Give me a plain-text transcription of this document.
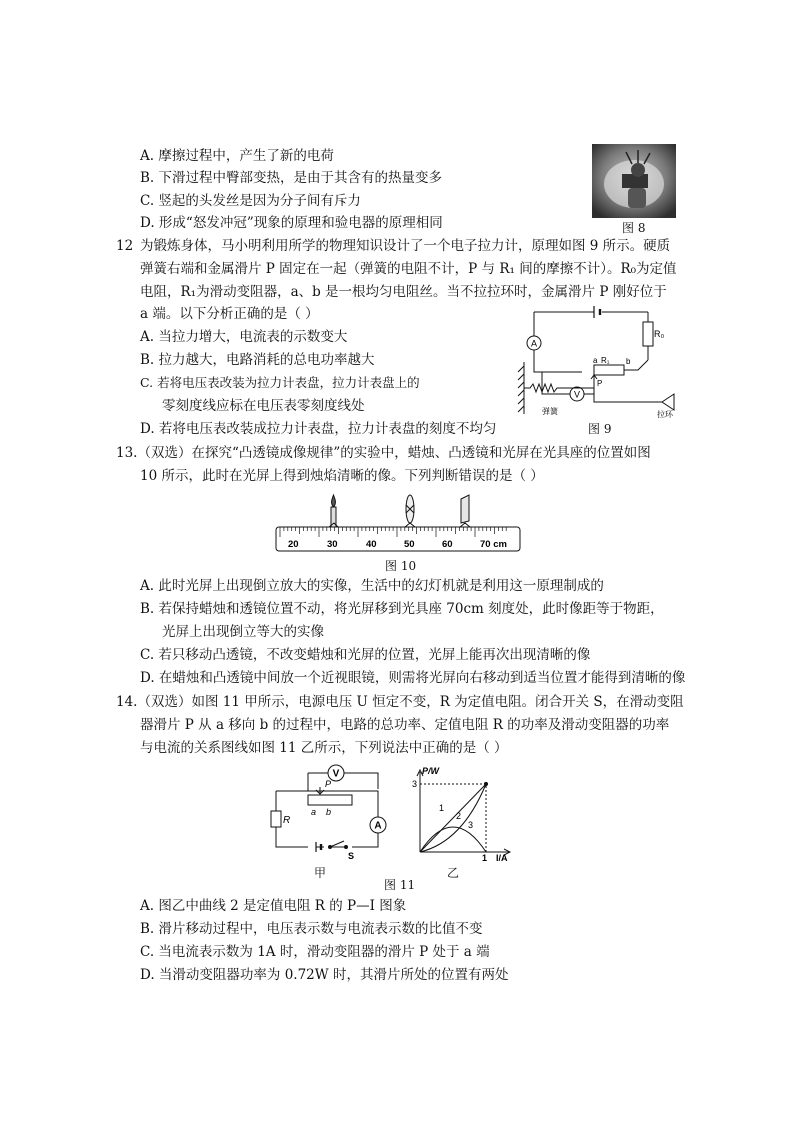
A. 摩擦过程中，产生了新的电荷
B. 下滑过程中臀部变热，是由于其含有的热量变多
C. 竖起的头发丝是因为分子间有斥力
D. 形成“怒发冲冠”现象的原理和验电器的原理相同	图 8
12 为锻炼身体，马小明利用所学的物理知识设计了一个电子拉力计，原理如图 9 所示。硬质
弹簧右端和金属滑片 P 固定在一起（弹簧的电阻不计，P 与 R₁ 间的摩擦不计）。R₀为定值
电阻，R₁为滑动变阻器，a、b 是一根均匀电阻丝。当不拉拉环时，金属滑片 P 刚好位于
a 端。以下分析正确的是（ ）
A. 当拉力增大，电流表的示数变大
B. 拉力越大，电路消耗的总电功率越大
C. 若将电压表改装为拉力计表盘，拉力计表盘上的
零刻度线应标在电压表零刻度线处
D. 若将电压表改装成拉力计表盘，拉力计表盘的刻度不均匀
A
R₀
a R₁ b
P
V
弹簧	拉环
图 9
13.（双选）在探究“凸透镜成像规律”的实验中，蜡烛、凸透镜和光屏在光具座的位置如图
10 所示，此时在光屏上得到烛焰清晰的像。下列判断错误的是（ ）
20	30	40	50	60	70 cm
图 10
A. 此时光屏上出现倒立放大的实像，生活中的幻灯机就是利用这一原理制成的
B. 若保持蜡烛和透镜位置不动，将光屏移到光具座 70cm 刻度处，此时像距等于物距，
光屏上出现倒立等大的实像
C. 若只移动凸透镜，不改变蜡烛和光屏的位置，光屏上能再次出现清晰的像
D. 在蜡烛和凸透镜中间放一个近视眼镜，则需将光屏向右移动到适当位置才能得到清晰的像
14.（双选）如图 11 甲所示，电源电压 U 恒定不变，R 为定值电阻。闭合开关 S，在滑动变阻
器滑片 P 从 a 移向 b 的过程中，电路的总功率、定值电阻 R 的功率及滑动变阻器的功率
与电流的关系图线如图 11 乙所示，下列说法中正确的是（ ）
V
A
R
P
a b
S
甲
P/W
I/A
3
1
1
2
3
乙
图 11
A. 图乙中曲线 2 是定值电阻 R 的 P—I 图象
B. 滑片移动过程中，电压表示数与电流表示数的比值不变
C. 当电流表示数为 1A 时，滑动变阻器的滑片 P 处于 a 端
D. 当滑动变阻器功率为 0.72W 时，其滑片所处的位置有两处
